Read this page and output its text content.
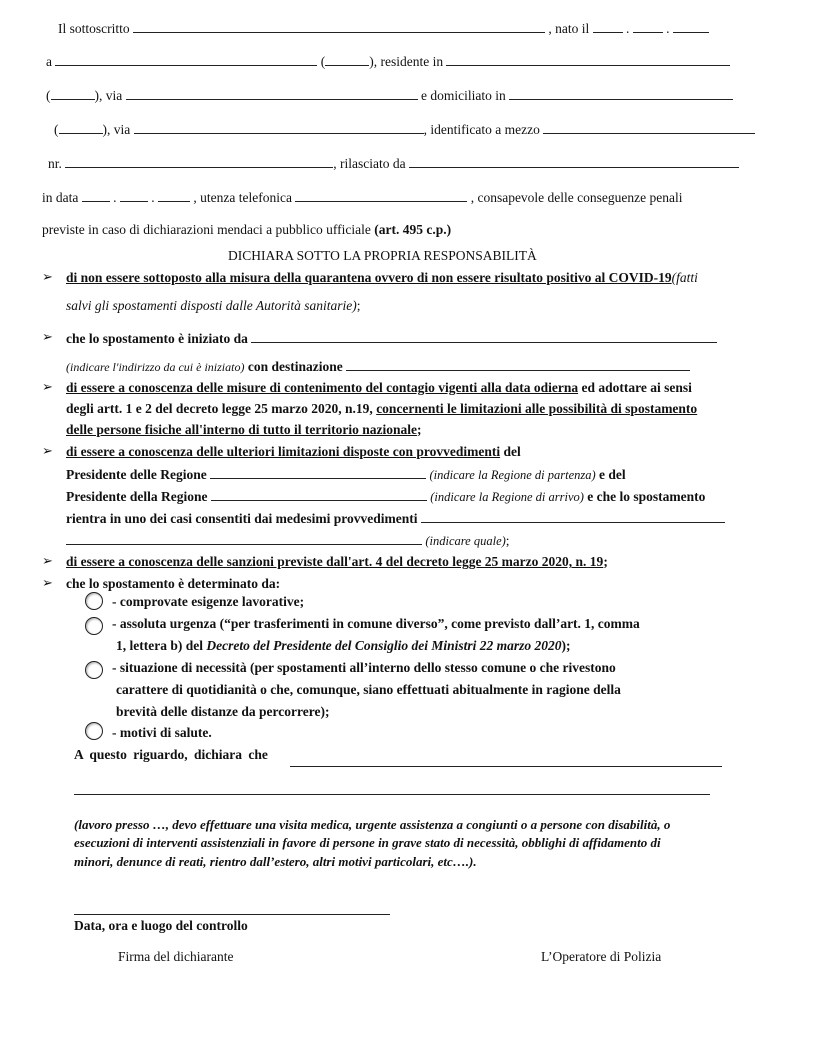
Il sottoscritto	, nato il  .  .
a	(	), residente in
(	), via	e domiciliato in
(	), via	, identificato a mezzo
nr.	, rilasciato da
in data  .  .	, utenza telefonica	, consapevole delle conseguenze penali
previste in caso di dichiarazioni mendaci a pubblico ufficiale (art. 495 c.p.)
DICHIARA SOTTO LA PROPRIA RESPONSABILITÀ
➢ di non essere sottoposto alla misura della quarantena ovvero di non essere risultato positivo al COVID-19(fatti
salvi gli spostamenti disposti dalle Autorità sanitarie);
➢ che lo spostamento è iniziato da
(indicare l'indirizzo da cui è iniziato) con destinazione
➢ di essere a conoscenza delle misure di contenimento del contagio vigenti alla data odierna ed adottare ai sensi
degli artt. 1 e 2 del decreto legge 25 marzo 2020, n.19, concernenti le limitazioni alle possibilità di spostamento
delle persone fisiche all'interno di tutto il territorio nazionale;
➢ di essere a conoscenza delle ulteriori limitazioni disposte con provvedimenti del
Presidente delle Regione	(indicare la Regione di partenza) e del
Presidente della Regione	(indicare la Regione di arrivo) e che lo spostamento
rientra in uno dei casi consentiti dai medesimi provvedimenti
(indicare quale);
➢ di essere a conoscenza delle sanzioni previste dall'art. 4 del decreto legge 25 marzo 2020, n. 19;
➢ che lo spostamento è determinato da:
- comprovate esigenze lavorative;
- assoluta urgenza (“per trasferimenti in comune diverso”, come previsto dall’art. 1, comma
1, lettera b) del Decreto del Presidente del Consiglio dei Ministri 22 marzo 2020);
- situazione di necessità (per spostamenti all’interno dello stesso comune o che rivestono
carattere di quotidianità o che, comunque, siano effettuati abitualmente in ragione della
brevità delle distanze da percorrere);
- motivi di salute.
A questo riguardo, dichiara che
(lavoro presso …, devo effettuare una visita medica, urgente assistenza a congiunti o a persone con disabilità, o
esecuzioni di interventi assistenziali in favore di persone in grave stato di necessità, obblighi di affidamento di
minori, denunce di reati, rientro dall’estero, altri motivi particolari, etc….).
Data, ora e luogo del controllo
Firma del dichiarante	L’Operatore di Polizia
